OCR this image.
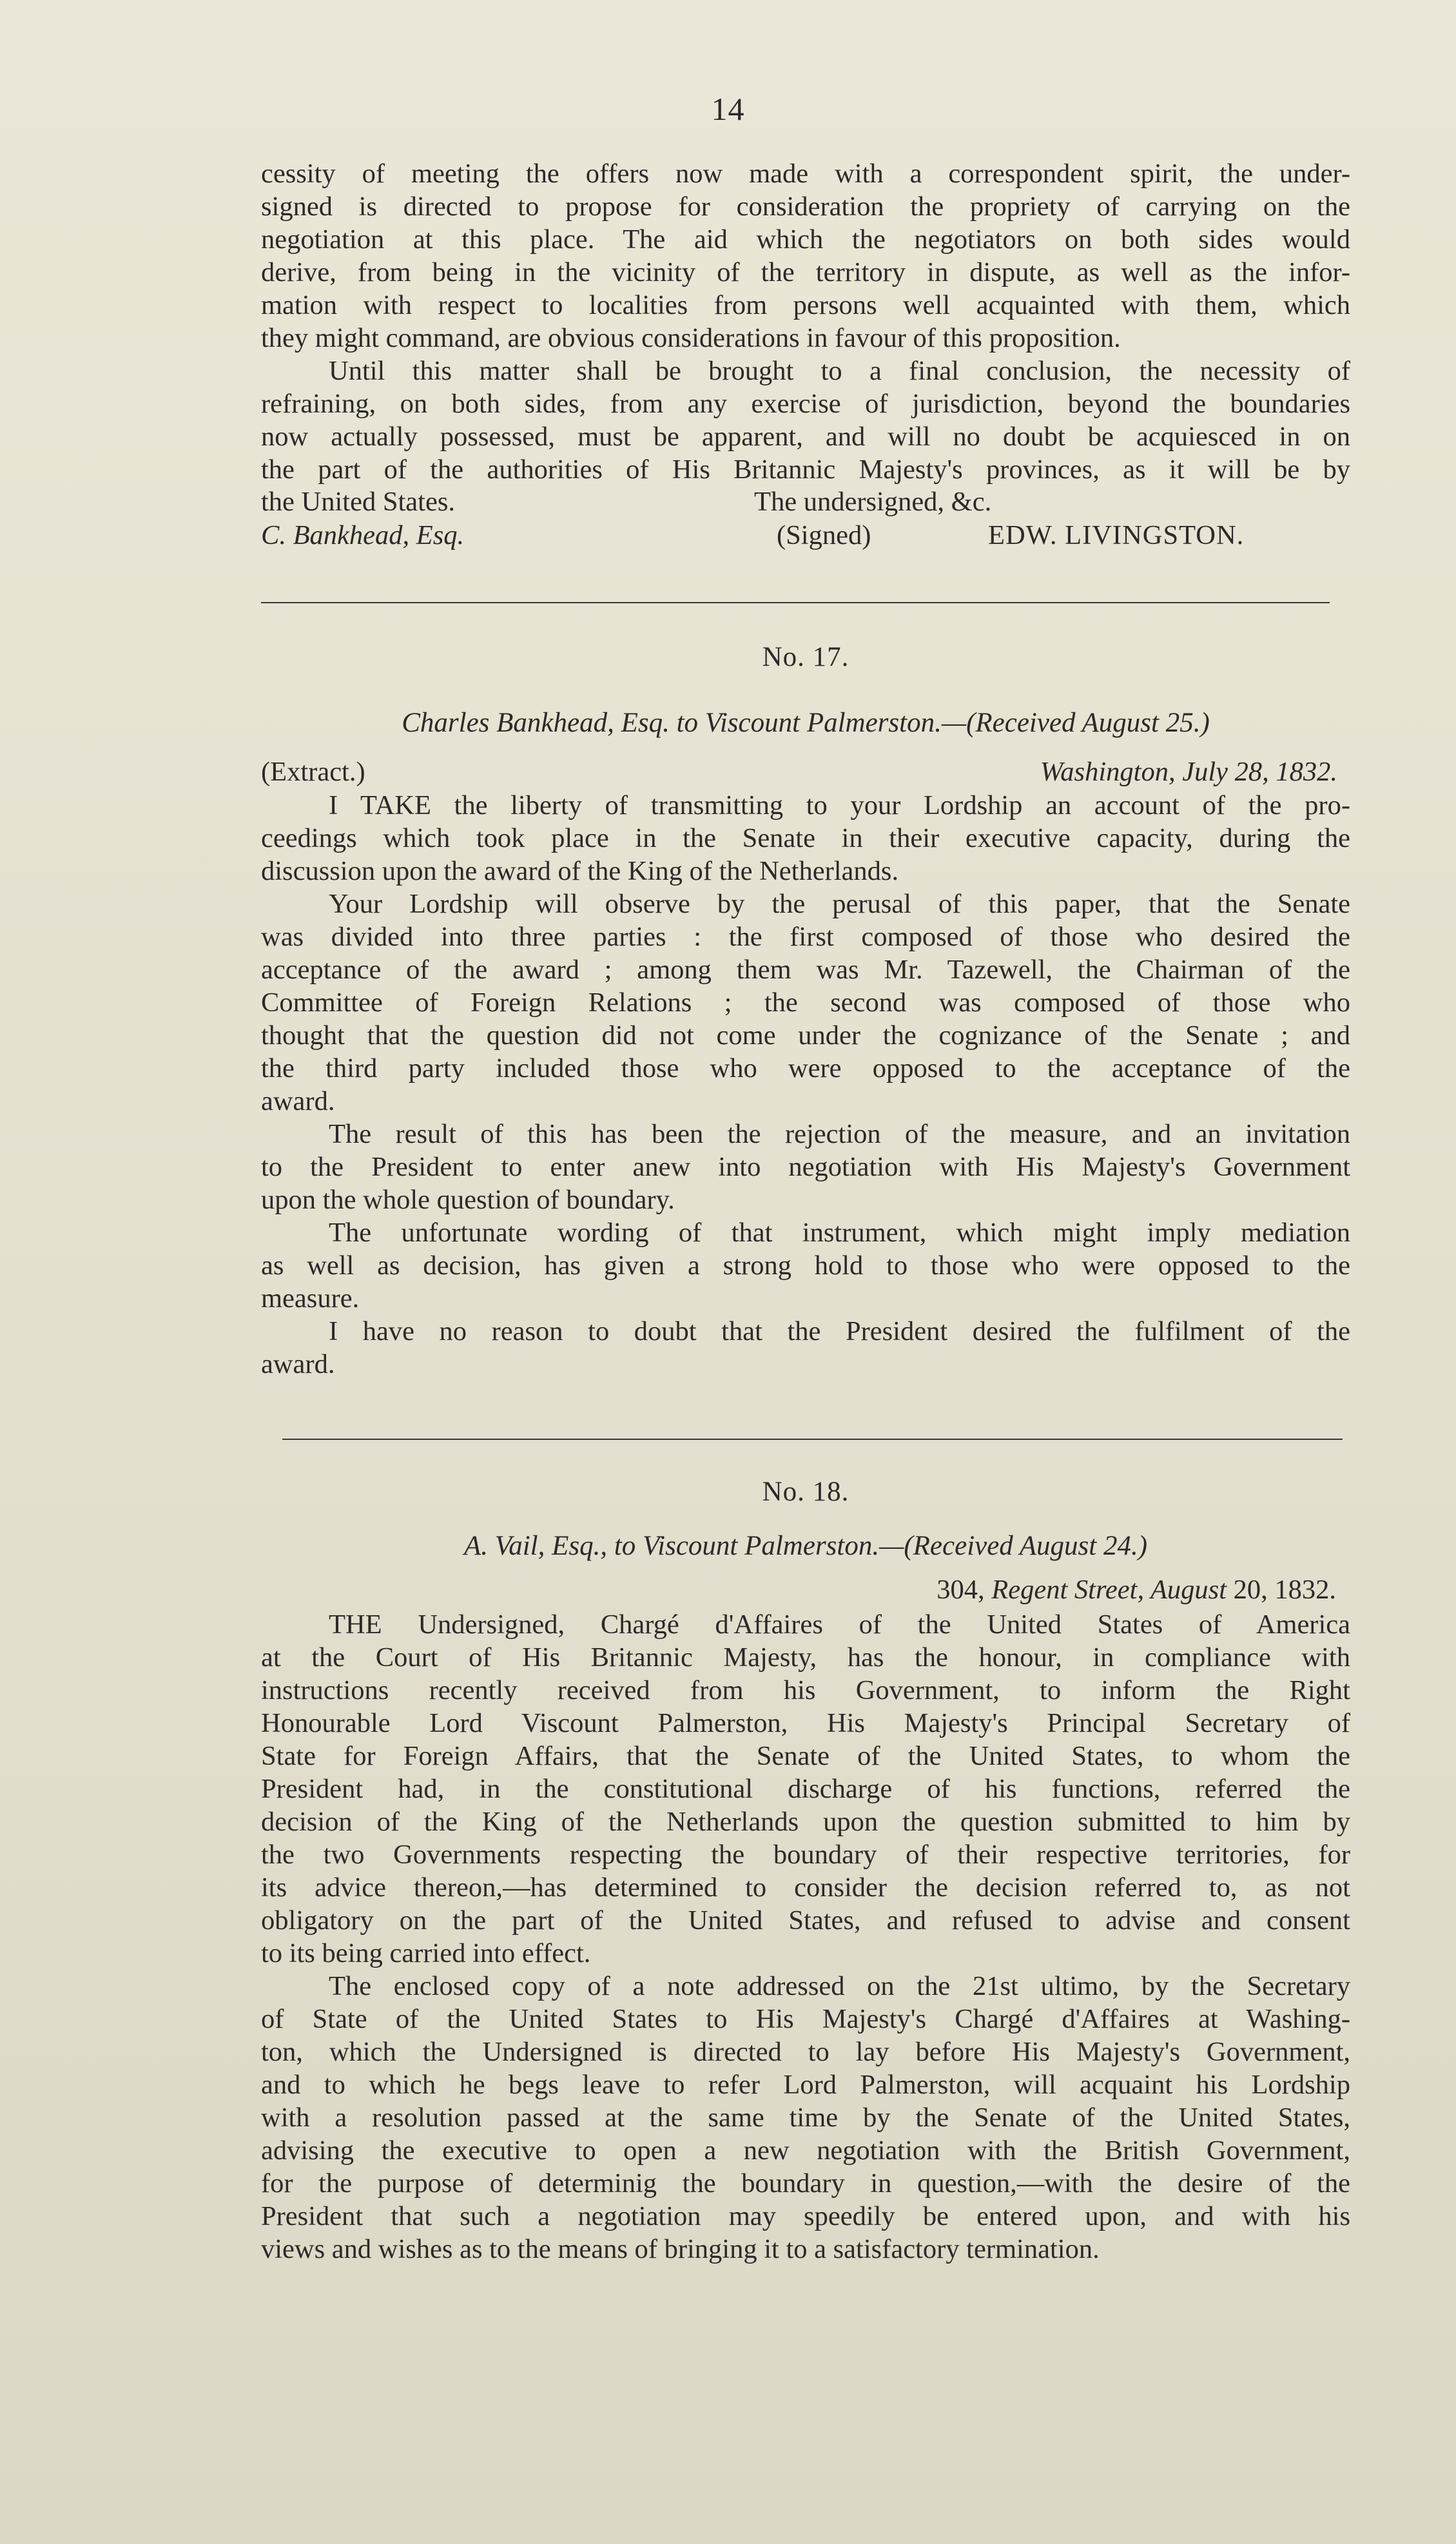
14
cessity of meeting the offers now made with a correspondent spirit, the under-
signed is directed to propose for consideration the propriety of carrying on the
negotiation at this place. The aid which the negotiators on both sides would
derive, from being in the vicinity of the territory in dispute, as well as the infor-
mation with respect to localities from persons well acquainted with them, which
they might command, are obvious considerations in favour of this proposition.
Until this matter shall be brought to a final conclusion, the necessity of
refraining, on both sides, from any exercise of jurisdiction, beyond the boundaries
now actually possessed, must be apparent, and will no doubt be acquiesced in on
the part of the authorities of His Britannic Majesty's provinces, as it will be by
the United States.	The undersigned, &c.
C. Bankhead, Esq.	(Signed)	EDW. LIVINGSTON.
No. 17.
Charles Bankhead, Esq. to Viscount Palmerston.—(Received August 25.)
(Extract.)	Washington, July 28, 1832.
I TAKE the liberty of transmitting to your Lordship an account of the pro-
ceedings which took place in the Senate in their executive capacity, during the
discussion upon the award of the King of the Netherlands.
Your Lordship will observe by the perusal of this paper, that the Senate
was divided into three parties : the first composed of those who desired the
acceptance of the award ; among them was Mr. Tazewell, the Chairman of the
Committee of Foreign Relations ; the second was composed of those who
thought that the question did not come under the cognizance of the Senate ; and
the third party included those who were opposed to the acceptance of the
award.
The result of this has been the rejection of the measure, and an invitation
to the President to enter anew into negotiation with His Majesty's Government
upon the whole question of boundary.
The unfortunate wording of that instrument, which might imply mediation
as well as decision, has given a strong hold to those who were opposed to the
measure.
I have no reason to doubt that the President desired the fulfilment of the
award.
No. 18.
A. Vail, Esq., to Viscount Palmerston.—(Received August 24.)
304, Regent Street, August 20, 1832.
THE Undersigned, Chargé d'Affaires of the United States of America
at the Court of His Britannic Majesty, has the honour, in compliance with
instructions recently received from his Government, to inform the Right
Honourable Lord Viscount Palmerston, His Majesty's Principal Secretary of
State for Foreign Affairs, that the Senate of the United States, to whom the
President had, in the constitutional discharge of his functions, referred the
decision of the King of the Netherlands upon the question submitted to him by
the two Governments respecting the boundary of their respective territories, for
its advice thereon,—has determined to consider the decision referred to, as not
obligatory on the part of the United States, and refused to advise and consent
to its being carried into effect.
The enclosed copy of a note addressed on the 21st ultimo, by the Secretary
of State of the United States to His Majesty's Chargé d'Affaires at Washing-
ton, which the Undersigned is directed to lay before His Majesty's Government,
and to which he begs leave to refer Lord Palmerston, will acquaint his Lordship
with a resolution passed at the same time by the Senate of the United States,
advising the executive to open a new negotiation with the British Government,
for the purpose of determinig the boundary in question,—with the desire of the
President that such a negotiation may speedily be entered upon, and with his
views and wishes as to the means of bringing it to a satisfactory termination.
